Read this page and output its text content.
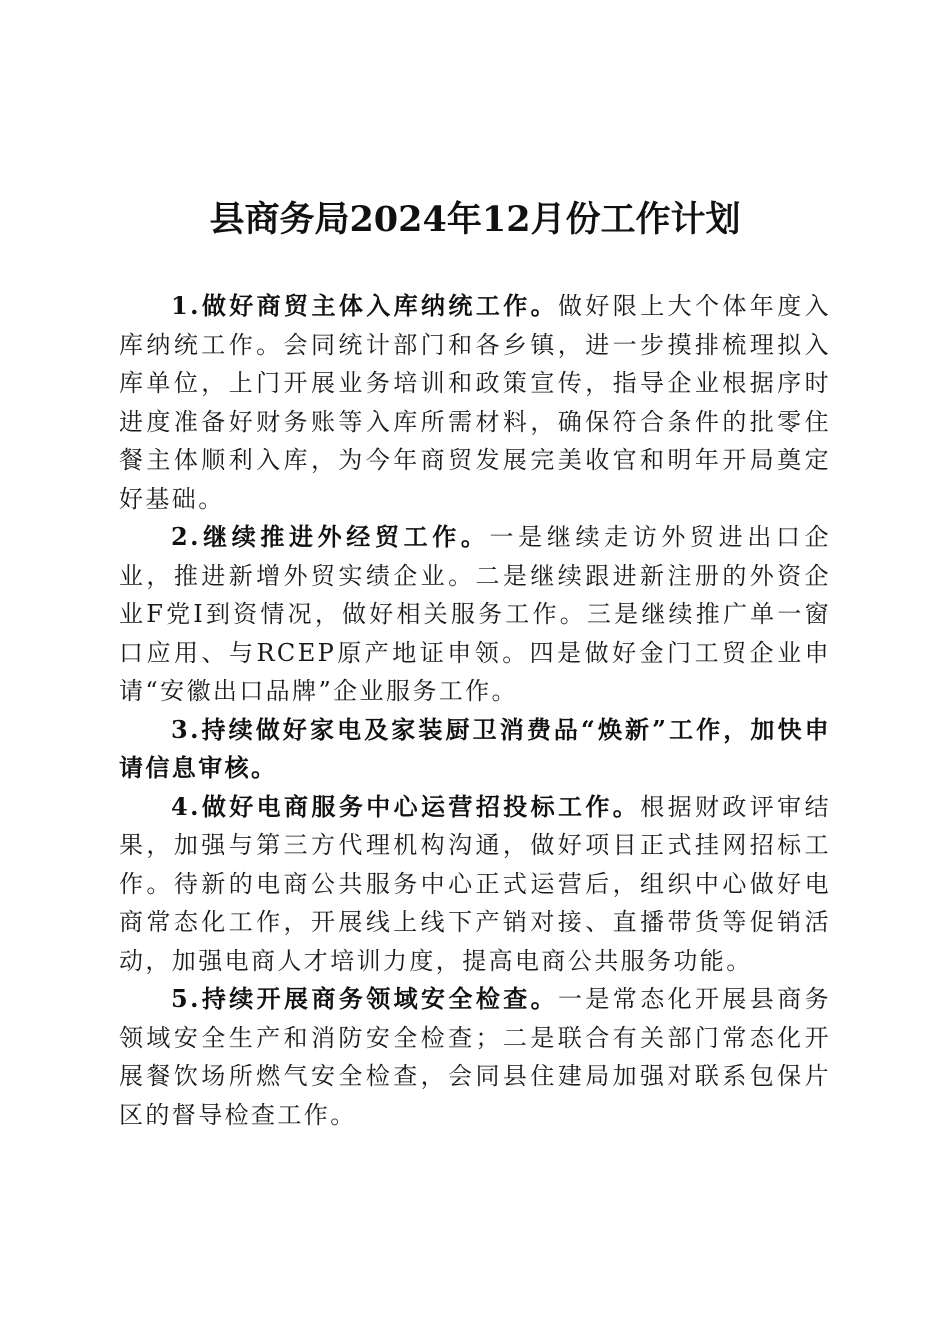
县商务局2024年12月份工作计划

1.做好商贸主体入库纳统工作。做好限上大个体年度入库纳统工作。会同统计部门和各乡镇，进一步摸排梳理拟入库单位，上门开展业务培训和政策宣传，指导企业根据序时进度准备好财务账等入库所需材料，确保符合条件的批零住餐主体顺利入库，为今年商贸发展完美收官和明年开局奠定好基础。

2.继续推进外经贸工作。一是继续走访外贸进出口企业，推进新增外贸实绩企业。二是继续跟进新注册的外资企业F党I到资情况，做好相关服务工作。三是继续推广单一窗口应用、与RCEP原产地证申领。四是做好金门工贸企业申请“安徽出口品牌”企业服务工作。

3.持续做好家电及家装厨卫消费品“焕新”工作，加快申请信息审核。

4.做好电商服务中心运营招投标工作。根据财政评审结果，加强与第三方代理机构沟通，做好项目正式挂网招标工作。待新的电商公共服务中心正式运营后，组织中心做好电商常态化工作，开展线上线下产销对接、直播带货等促销活动，加强电商人才培训力度，提高电商公共服务功能。

5.持续开展商务领域安全检查。一是常态化开展县商务领域安全生产和消防安全检查；二是联合有关部门常态化开展餐饮场所燃气安全检查，会同县住建局加强对联系包保片区的督导检查工作。
